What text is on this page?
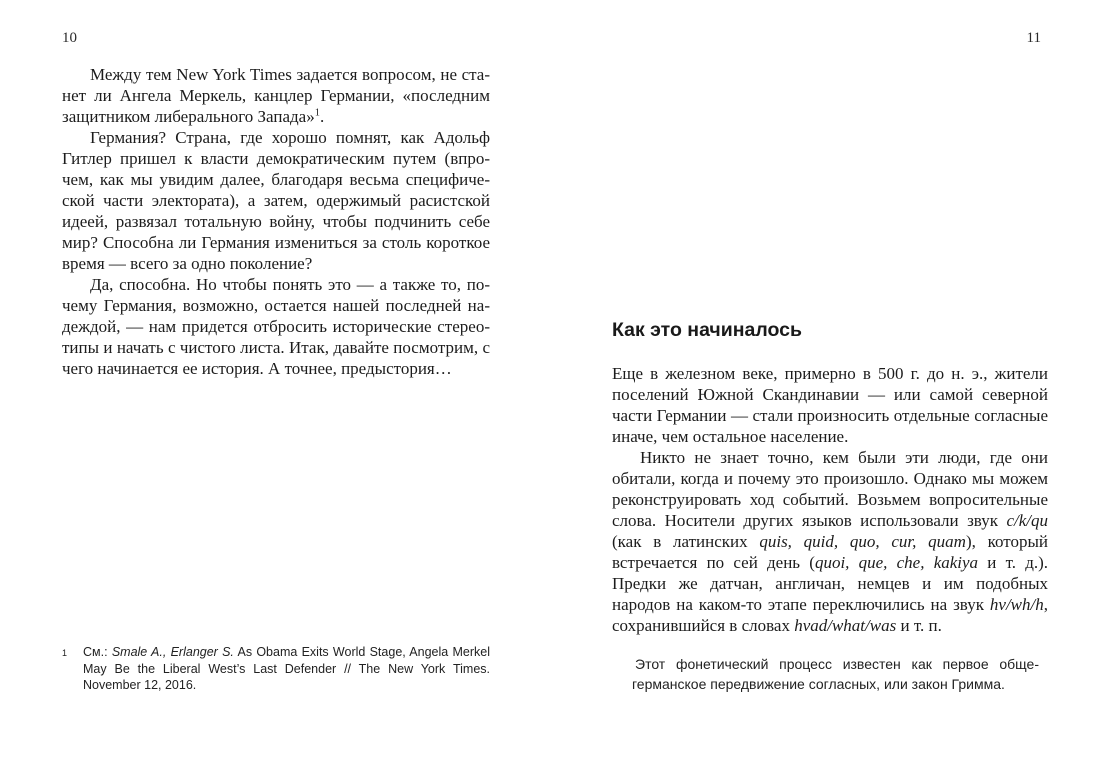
10

Между тем New York Times задается вопросом, не станет ли Ангела Меркель, канцлер Германии, «последним защитником либерального Запада»$^1$.

Германия? Страна, где хорошо помнят, как Адольф Гитлер пришел к власти демократическим путем (впрочем, как мы увидим далее, благодаря весьма специфической части электората), а затем, одержимый расистской идеей, развязал тотальную войну, чтобы подчинить себе мир? Способна ли Германия измениться за столь короткое время — всего за одно поколение?

Да, способна. Но чтобы понять это — а также то, почему Германия, возможно, остается нашей последней надеждой, — нам придется отбросить исторические стереотипы и начать с чистого листа. Итак, давайте посмотрим, с чего начинается ее история. А точнее, предыстория…

1	См.: Smale A., Erlanger S. As Obama Exits World Stage, Angela Merkel May Be the Liberal West’s Last Defender // The New York Times. November 12, 2016.
11
Как это начиналось

Еще в железном веке, примерно в 500 г. до н. э., жители поселений Южной Скандинавии — или самой северной части Германии — стали произносить отдельные согласные иначе, чем остальное население.

Никто не знает точно, кем были эти люди, где они обитали, когда и почему это произошло. Однако мы можем реконструировать ход событий. Возьмем вопросительные слова. Носители других языков использовали звук c/k/qu (как в латинских quis, quid, quo, cur, quam), который встречается по сей день (quoi, que, che, kakiya и т. д.). Предки же датчан, англичан, немцев и им подобных народов на каком-то этапе переключились на звук hv/wh/h, сохранившийся в словах hvad/what/was и т. п.

Этот фонетический процесс известен как первое общегерманское передвижение согласных, или закон Гримма.
